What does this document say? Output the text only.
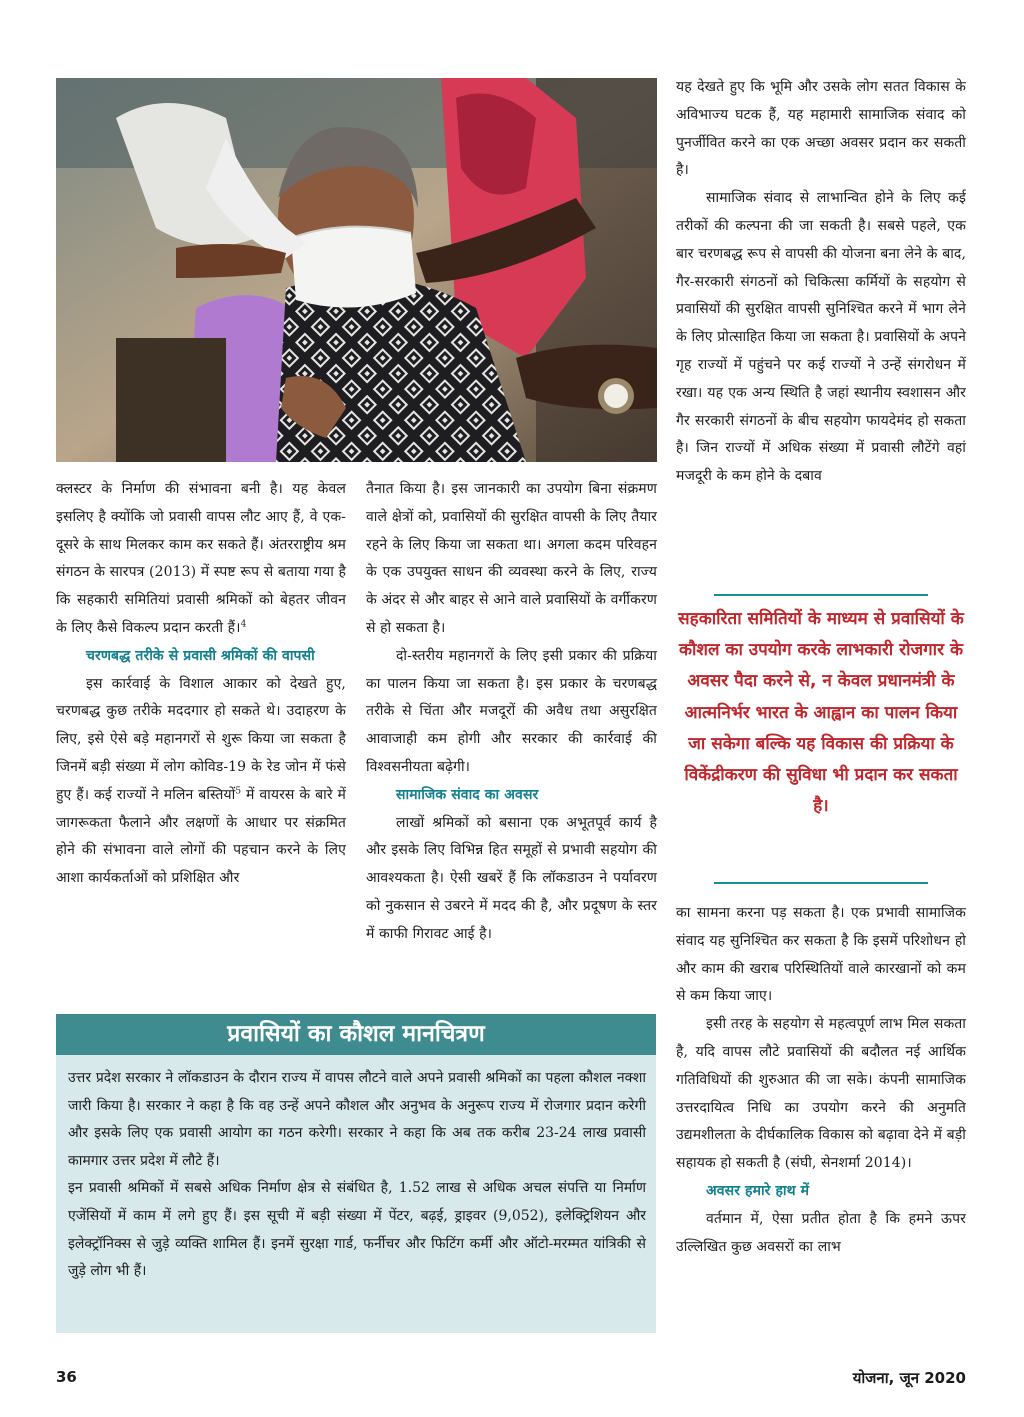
क्लस्टर के निर्माण की संभावना बनी है। यह केवल इसलिए है क्योंकि जो प्रवासी वापस लौट आए हैं, वे एक-दूसरे के साथ मिलकर काम कर सकते हैं। अंतरराष्ट्रीय श्रम संगठन के सारपत्र (2013) में स्पष्ट रूप से बताया गया है कि सहकारी समितियां प्रवासी श्रमिकों को बेहतर जीवन के लिए कैसे विकल्प प्रदान करती हैं।$^4$

चरणबद्ध तरीके से प्रवासी श्रमिकों की वापसी

इस कार्रवाई के विशाल आकार को देखते हुए, चरणबद्ध कुछ तरीके मददगार हो सकते थे। उदाहरण के लिए, इसे ऐसे बड़े महानगरों से शुरू किया जा सकता है जिनमें बड़ी संख्या में लोग कोविड-19 के रेड जोन में फंसे हुए हैं। कई राज्यों ने मलिन बस्तियों$^5$ में वायरस के बारे में जागरूकता फैलाने और लक्षणों के आधार पर संक्रमित होने की संभावना वाले लोगों की पहचान करने के लिए आशा कार्यकर्ताओं को प्रशिक्षित और

तैनात किया है। इस जानकारी का उपयोग बिना संक्रमण वाले क्षेत्रों को, प्रवासियों की सुरक्षित वापसी के लिए तैयार रहने के लिए किया जा सकता था। अगला कदम परिवहन के एक उपयुक्त साधन की व्यवस्था करने के लिए, राज्य के अंदर से और बाहर से आने वाले प्रवासियों के वर्गीकरण से हो सकता है।

दो-स्तरीय महानगरों के लिए इसी प्रकार की प्रक्रिया का पालन किया जा सकता है। इस प्रकार के चरणबद्ध तरीके से चिंता और मजदूरों की अवैध तथा असुरक्षित आवाजाही कम होगी और सरकार की कार्रवाई की विश्वसनीयता बढ़ेगी।

सामाजिक संवाद का अवसर

लाखों श्रमिकों को बसाना एक अभूतपूर्व कार्य है और इसके लिए विभिन्न हित समूहों से प्रभावी सहयोग की आवश्यकता है। ऐसी खबरें हैं कि लॉकडाउन ने पर्यावरण को नुकसान से उबरने में मदद की है, और प्रदूषण के स्तर में काफी गिरावट आई है।

यह देखते हुए कि भूमि और उसके लोग सतत विकास के अविभाज्य घटक हैं, यह महामारी सामाजिक संवाद को पुनर्जीवित करने का एक अच्छा अवसर प्रदान कर सकती है।

सामाजिक संवाद से लाभान्वित होने के लिए कई तरीकों की कल्पना की जा सकती है। सबसे पहले, एक बार चरणबद्ध रूप से वापसी की योजना बना लेने के बाद, गैर-सरकारी संगठनों को चिकित्सा कर्मियों के सहयोग से प्रवासियों की सुरक्षित वापसी सुनिश्चित करने में भाग लेने के लिए प्रोत्साहित किया जा सकता है। प्रवासियों के अपने गृह राज्यों में पहुंचने पर कई राज्यों ने उन्हें संगरोधन में रखा। यह एक अन्य स्थिति है जहां स्थानीय स्वशासन और गैर सरकारी संगठनों के बीच सहयोग फायदेमंद हो सकता है। जिन राज्यों में अधिक संख्या में प्रवासी लौटेंगे वहां मजदूरी के कम होने के दबाव

सहकारिता समितियों के माध्यम से प्रवासियों के कौशल का उपयोग करके लाभकारी रोजगार के अवसर पैदा करने से, न केवल प्रधानमंत्री के आत्मनिर्भर भारत के आह्वान का पालन किया जा सकेगा बल्कि यह विकास की प्रक्रिया के विकेंद्रीकरण की सुविधा भी प्रदान कर सकता है।

का सामना करना पड़ सकता है। एक प्रभावी सामाजिक संवाद यह सुनिश्चित कर सकता है कि इसमें परिशोधन हो और काम की खराब परिस्थितियों वाले कारखानों को कम से कम किया जाए।

इसी तरह के सहयोग से महत्वपूर्ण लाभ मिल सकता है, यदि वापस लौटे प्रवासियों की बदौलत नई आर्थिक गतिविधियों की शुरुआत की जा सके। कंपनी सामाजिक उत्तरदायित्व निधि का उपयोग करने की अनुमति उद्यमशीलता के दीर्घकालिक विकास को बढ़ावा देने में बड़ी सहायक हो सकती है (संघी, सेनशर्मा 2014)।

अवसर हमारे हाथ में

वर्तमान में, ऐसा प्रतीत होता है कि हमने ऊपर उल्लिखित कुछ अवसरों का लाभ

प्रवासियों का कौशल मानचित्रण

उत्तर प्रदेश सरकार ने लॉकडाउन के दौरान राज्य में वापस लौटने वाले अपने प्रवासी श्रमिकों का पहला कौशल नक्शा जारी किया है। सरकार ने कहा है कि वह उन्हें अपने कौशल और अनुभव के अनुरूप राज्य में रोजगार प्रदान करेगी और इसके लिए एक प्रवासी आयोग का गठन करेगी। सरकार ने कहा कि अब तक करीब 23-24 लाख प्रवासी कामगार उत्तर प्रदेश में लौटे हैं।

इन प्रवासी श्रमिकों में सबसे अधिक निर्माण क्षेत्र से संबंधित है, 1.52 लाख से अधिक अचल संपत्ति या निर्माण एजेंसियों में काम में लगे हुए हैं। इस सूची में बड़ी संख्या में पेंटर, बढ़ई, ड्राइवर (9,052), इलेक्ट्रिशियन और इलेक्ट्रॉनिक्स से जुड़े व्यक्ति शामिल हैं। इनमें सुरक्षा गार्ड, फर्नीचर और फिटिंग कर्मी और ऑटो-मरम्मत यांत्रिकी से जुड़े लोग भी हैं।

36	योजना, जून 2020
